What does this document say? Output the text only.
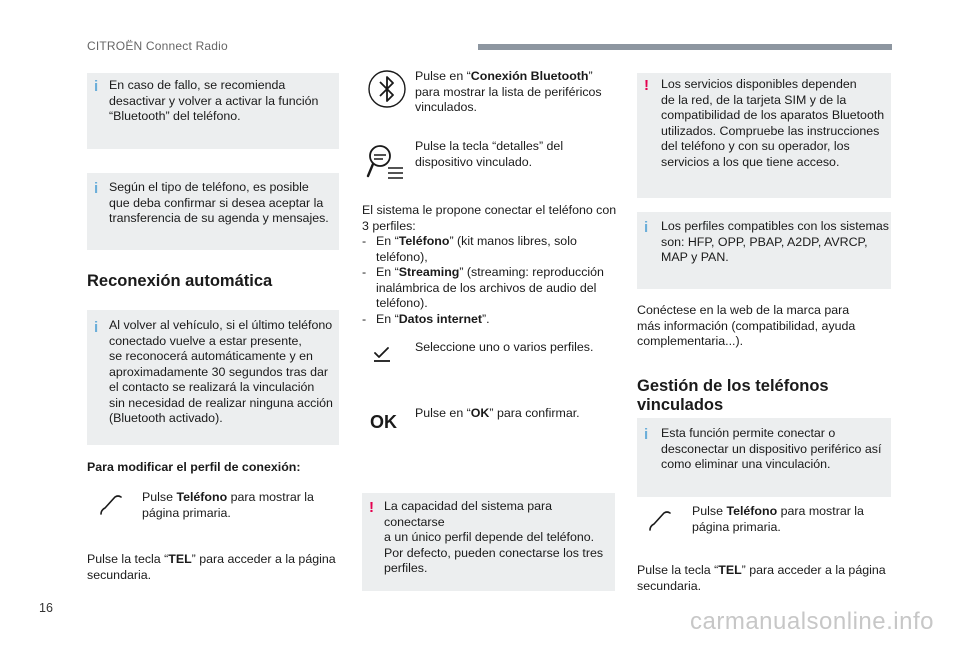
CITROËN Connect Radio
i En caso de fallo, se recomienda
desactivar y volver a activar la función
“Bluetooth” del teléfono.
i Según el tipo de teléfono, es posible
que deba confirmar si desea aceptar la
transferencia de su agenda y mensajes.
Reconexión automática
i Al volver al vehículo, si el último teléfono
conectado vuelve a estar presente,
se reconocerá automáticamente y en
aproximadamente 30 segundos tras dar
el contacto se realizará la vinculación
sin necesidad de realizar ninguna acción
(Bluetooth activado).
Para modificar el perfil de conexión:
Pulse Teléfono para mostrar la
página primaria.
Pulse la tecla “TEL” para acceder a la página
secundaria.
Pulse en “Conexión Bluetooth”
para mostrar la lista de periféricos
vinculados.
Pulse la tecla “detalles” del
dispositivo vinculado.
El sistema le propone conectar el teléfono con
3 perfiles:
- En “Teléfono” (kit manos libres, solo
teléfono),
- En “Streaming” (streaming: reproducción
inalámbrica de los archivos de audio del
teléfono).
- En “Datos internet”.
Seleccione uno o varios perfiles.
OK Pulse en “OK” para confirmar.
! La capacidad del sistema para conectarse
a un único perfil depende del teléfono.
Por defecto, pueden conectarse los tres
perfiles.
! Los servicios disponibles dependen
de la red, de la tarjeta SIM y de la
compatibilidad de los aparatos Bluetooth
utilizados. Compruebe las instrucciones
del teléfono y con su operador, los
servicios a los que tiene acceso.
i Los perfiles compatibles con los sistemas
son: HFP, OPP, PBAP, A2DP, AVRCP,
MAP y PAN.
Conéctese en la web de la marca para
más información (compatibilidad, ayuda
complementaria...).
Gestión de los teléfonos
vinculados
i Esta función permite conectar o
desconectar un dispositivo periférico así
como eliminar una vinculación.
Pulse Teléfono para mostrar la
página primaria.
Pulse la tecla “TEL” para acceder a la página
secundaria.
16	carmanualsonline.info
